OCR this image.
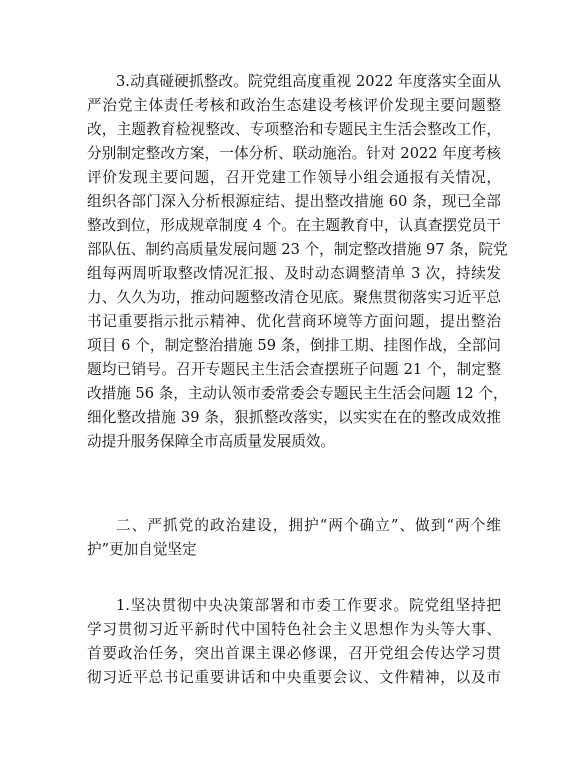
3.动真碰硬抓整改。院党组高度重视 2022 年度落实全面从
严治党主体责任考核和政治生态建设考核评价发现主要问题整
改，主题教育检视整改、专项整治和专题民主生活会整改工作，
分别制定整改方案，一体分析、联动施治。针对 2022 年度考核
评价发现主要问题，召开党建工作领导小组会通报有关情况，
组织各部门深入分析根源症结、提出整改措施 60 条，现已全部
整改到位，形成规章制度 4 个。在主题教育中，认真查摆党员干
部队伍、制约高质量发展问题 23 个，制定整改措施 97 条，院党
组每两周听取整改情况汇报、及时动态调整清单 3 次，持续发
力、久久为功，推动问题整改清仓见底。聚焦贯彻落实习近平总
书记重要指示批示精神、优化营商环境等方面问题，提出整治
项目 6 个，制定整治措施 59 条，倒排工期、挂图作战，全部问
题均已销号。召开专题民主生活会查摆班子问题 21 个，制定整
改措施 56 条，主动认领市委常委会专题民主生活会问题 12 个，
细化整改措施 39 条，狠抓整改落实，以实实在在的整改成效推
动提升服务保障全市高质量发展质效。
二、严抓党的政治建设，拥护“两个确立”、做到“两个维
护”更加自觉坚定
1.坚决贯彻中央决策部署和市委工作要求。院党组坚持把
学习贯彻习近平新时代中国特色社会主义思想作为头等大事、
首要政治任务，突出首课主课必修课，召开党组会传达学习贯
彻习近平总书记重要讲话和中央重要会议、文件精神，以及市
